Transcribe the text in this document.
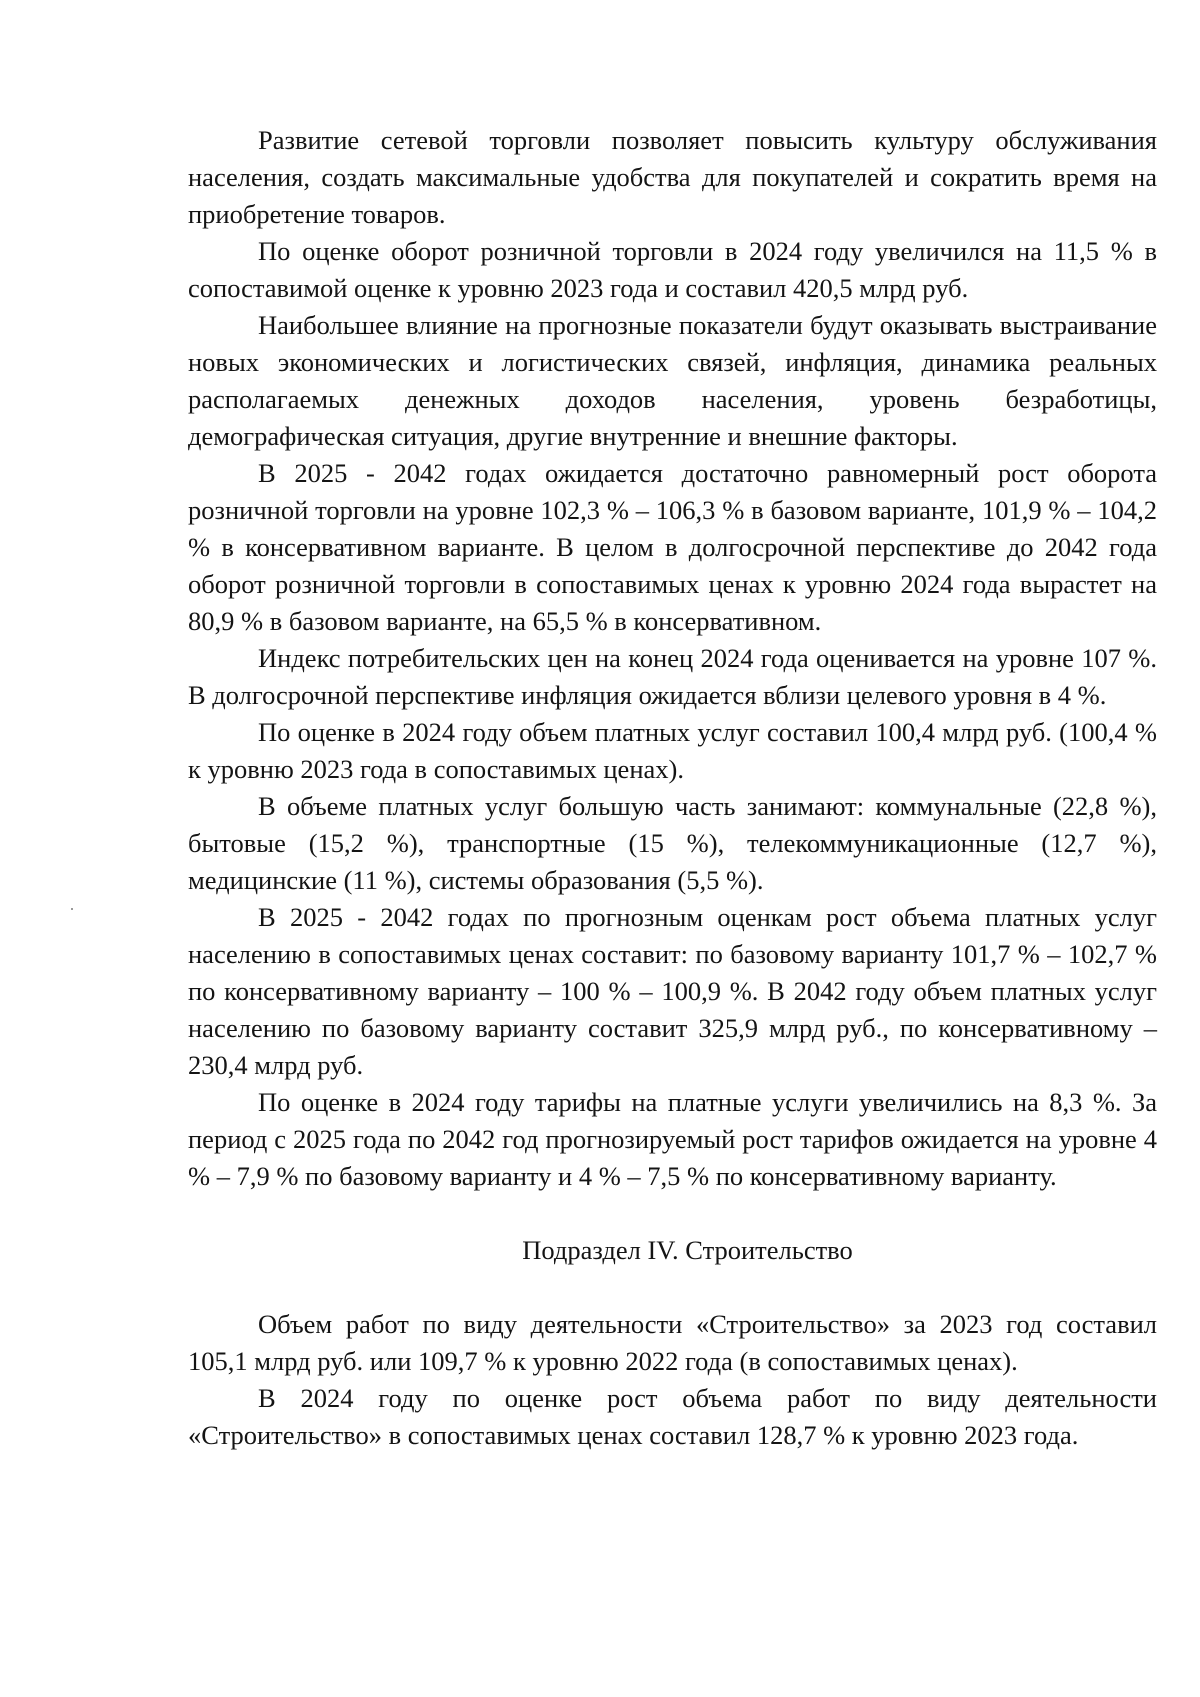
Развитие сетевой торговли позволяет повысить культуру обслуживания населения, создать максимальные удобства для покупателей и сократить время на приобретение товаров.

По оценке оборот розничной торговли в 2024 году увеличился на 11,5 % в сопоставимой оценке к уровню 2023 года и составил 420,5 млрд руб.

Наибольшее влияние на прогнозные показатели будут оказывать выстраивание новых экономических и логистических связей, инфляция, динамика реальных располагаемых денежных доходов населения, уровень безработицы, демографическая ситуация, другие внутренние и внешние факторы.

В 2025 - 2042 годах ожидается достаточно равномерный рост оборота розничной торговли на уровне 102,3 % – 106,3 % в базовом варианте, 101,9 % – 104,2 % в консервативном варианте. В целом в долгосрочной перспективе до 2042 года оборот розничной торговли в сопоставимых ценах к уровню 2024 года вырастет на 80,9 % в базовом варианте, на 65,5 % в консервативном.

Индекс потребительских цен на конец 2024 года оценивается на уровне 107 %. В долгосрочной перспективе инфляция ожидается вблизи целевого уровня в 4 %.

По оценке в 2024 году объем платных услуг составил 100,4 млрд руб. (100,4 % к уровню 2023 года в сопоставимых ценах).

В объеме платных услуг большую часть занимают: коммунальные (22,8 %), бытовые (15,2 %), транспортные (15 %), телекоммуникационные (12,7 %), медицинские (11 %), системы образования (5,5 %).

В 2025 - 2042 годах по прогнозным оценкам рост объема платных услуг населению в сопоставимых ценах составит: по базовому варианту 101,7 % – 102,7 % по консервативному варианту – 100 % – 100,9 %. В 2042 году объем платных услуг населению по базовому варианту составит 325,9 млрд руб., по консервативному – 230,4 млрд руб.

По оценке в 2024 году тарифы на платные услуги увеличились на 8,3 %. За период с 2025 года по 2042 год прогнозируемый рост тарифов ожидается на уровне 4 % – 7,9 % по базовому варианту и 4 % – 7,5 % по консервативному варианту.

Подраздел IV. Строительство

Объем работ по виду деятельности «Строительство» за 2023 год составил 105,1 млрд руб. или 109,7 % к уровню 2022 года (в сопоставимых ценах).

В 2024 году по оценке рост объема работ по виду деятельности «Строительство» в сопоставимых ценах составил 128,7 % к уровню 2023 года.
